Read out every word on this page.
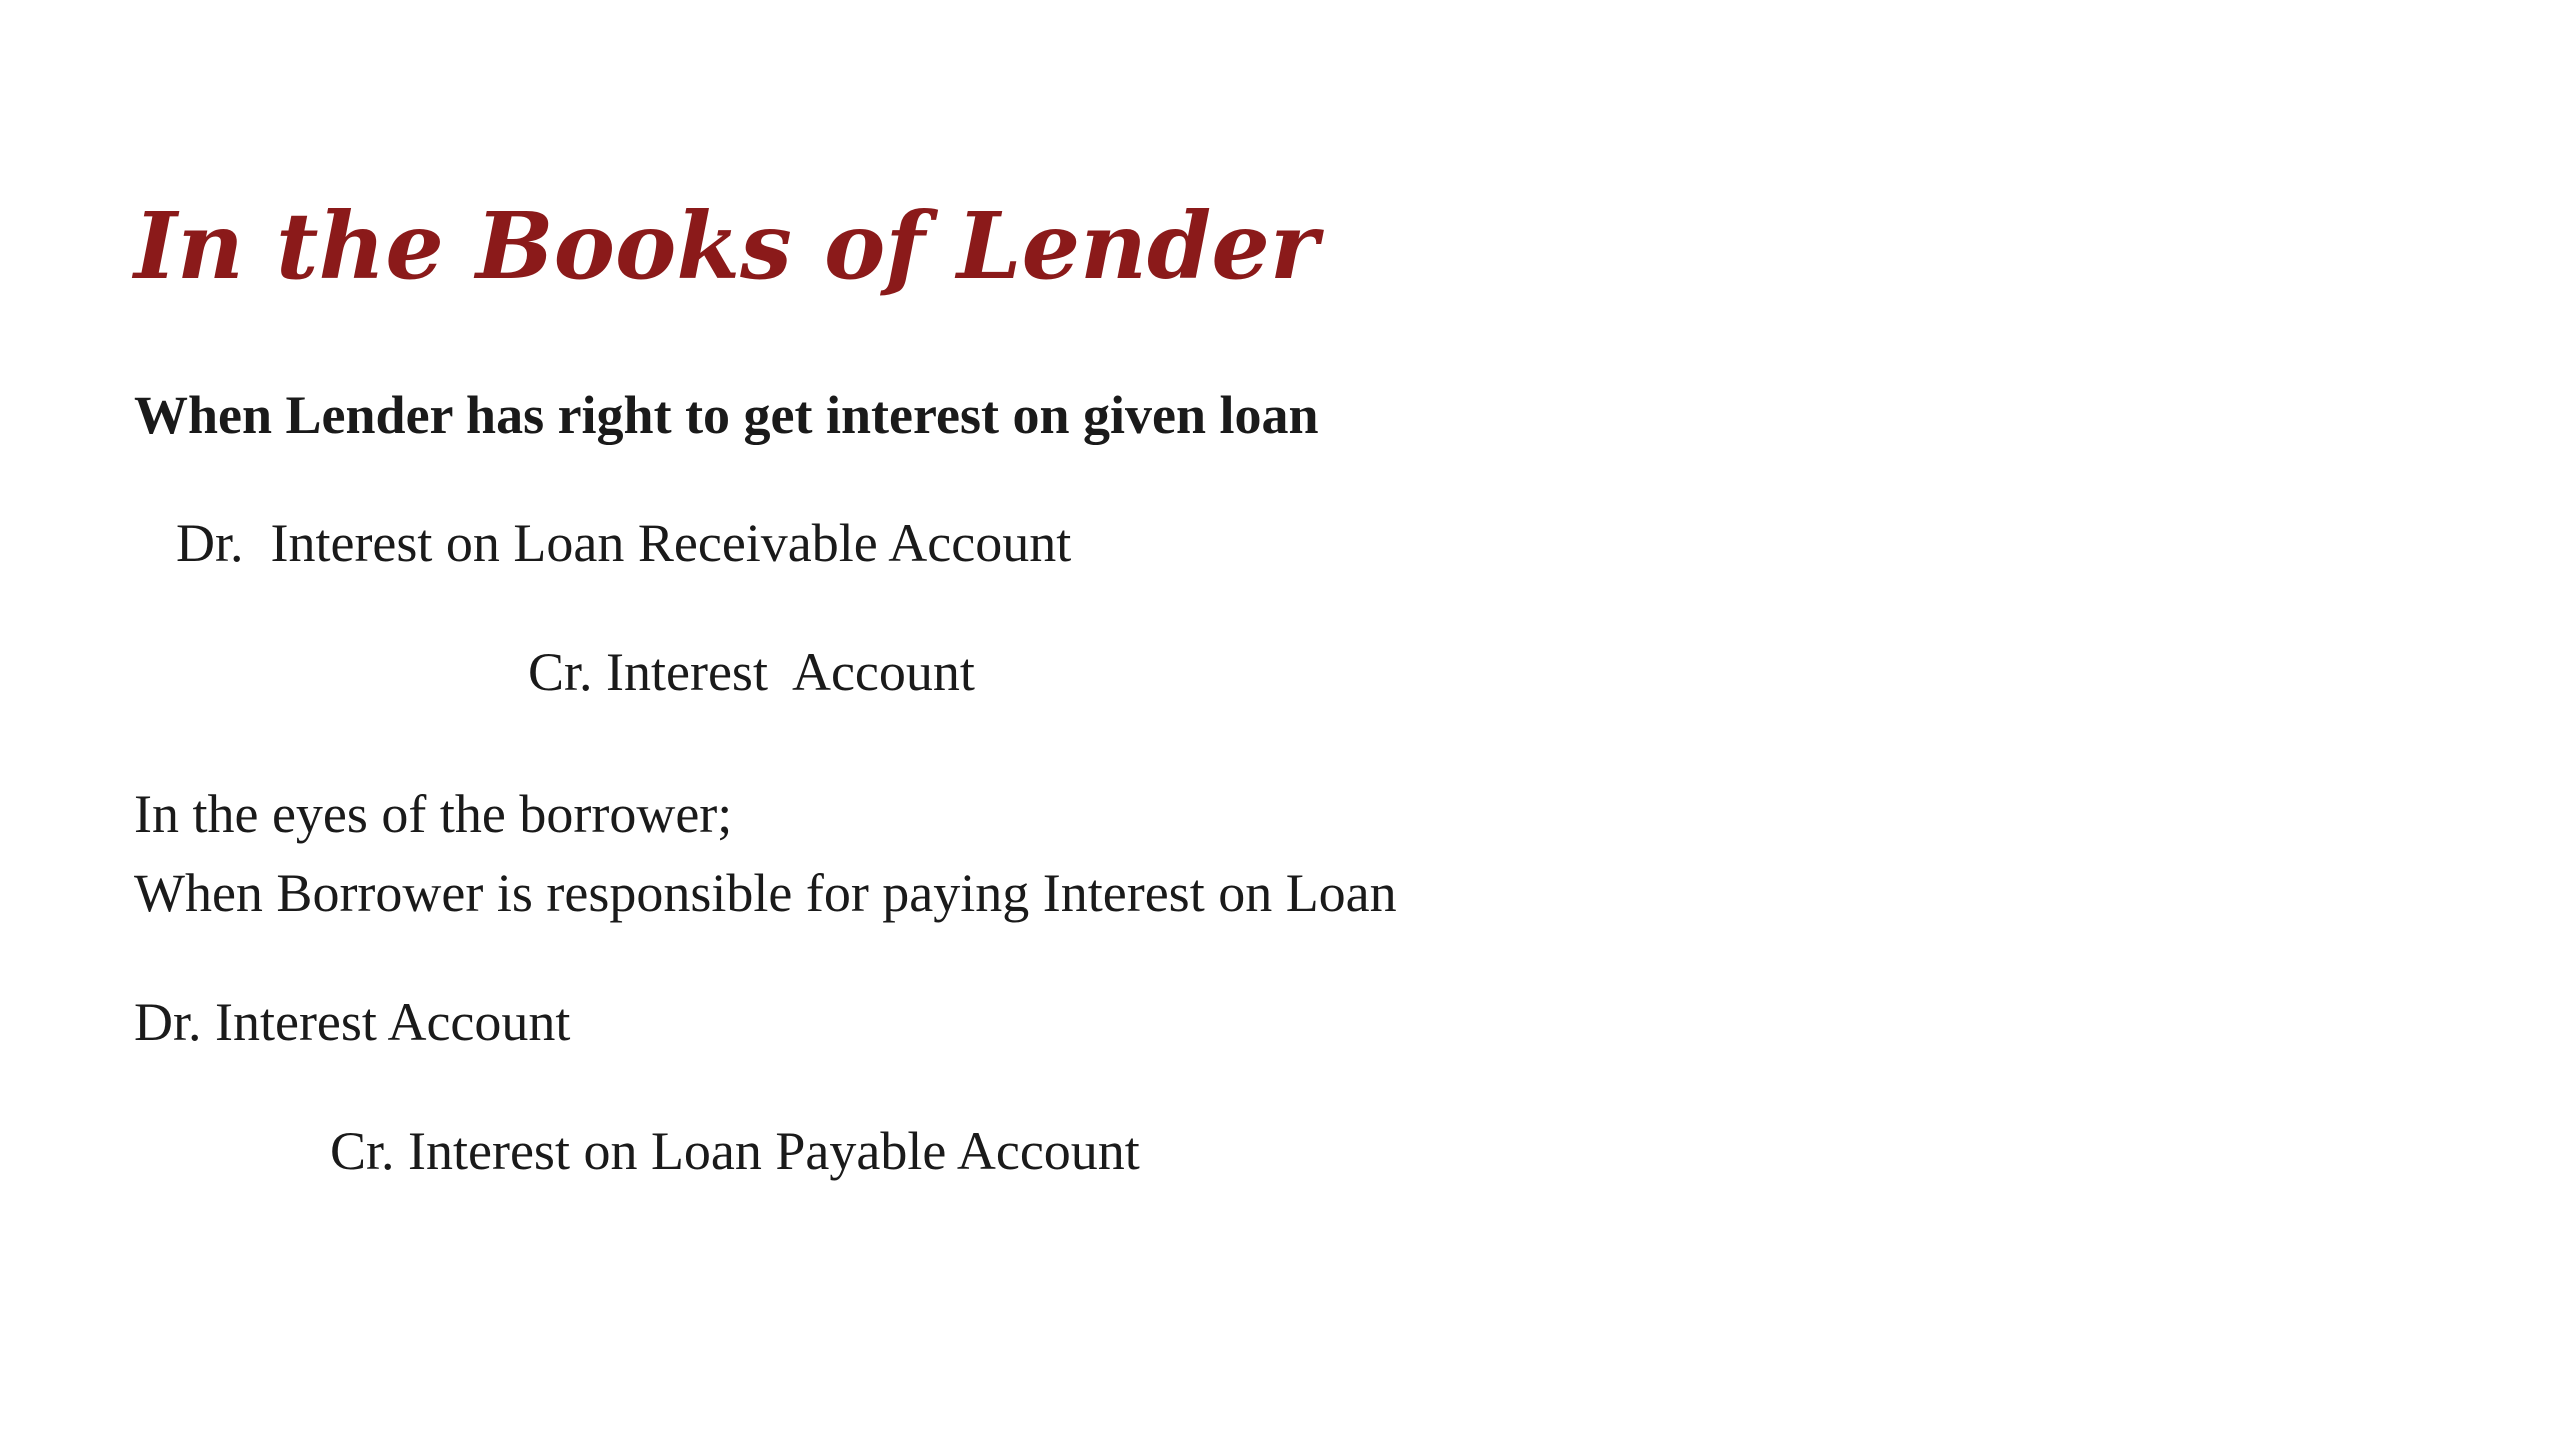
In the Books of Lender

When Lender has right to get interest on given loan

Dr.  Interest on Loan Receivable Account

Cr. Interest  Account

In the eyes of the borrower;

When Borrower is responsible for paying Interest on Loan

Dr. Interest Account

Cr. Interest on Loan Payable Account
